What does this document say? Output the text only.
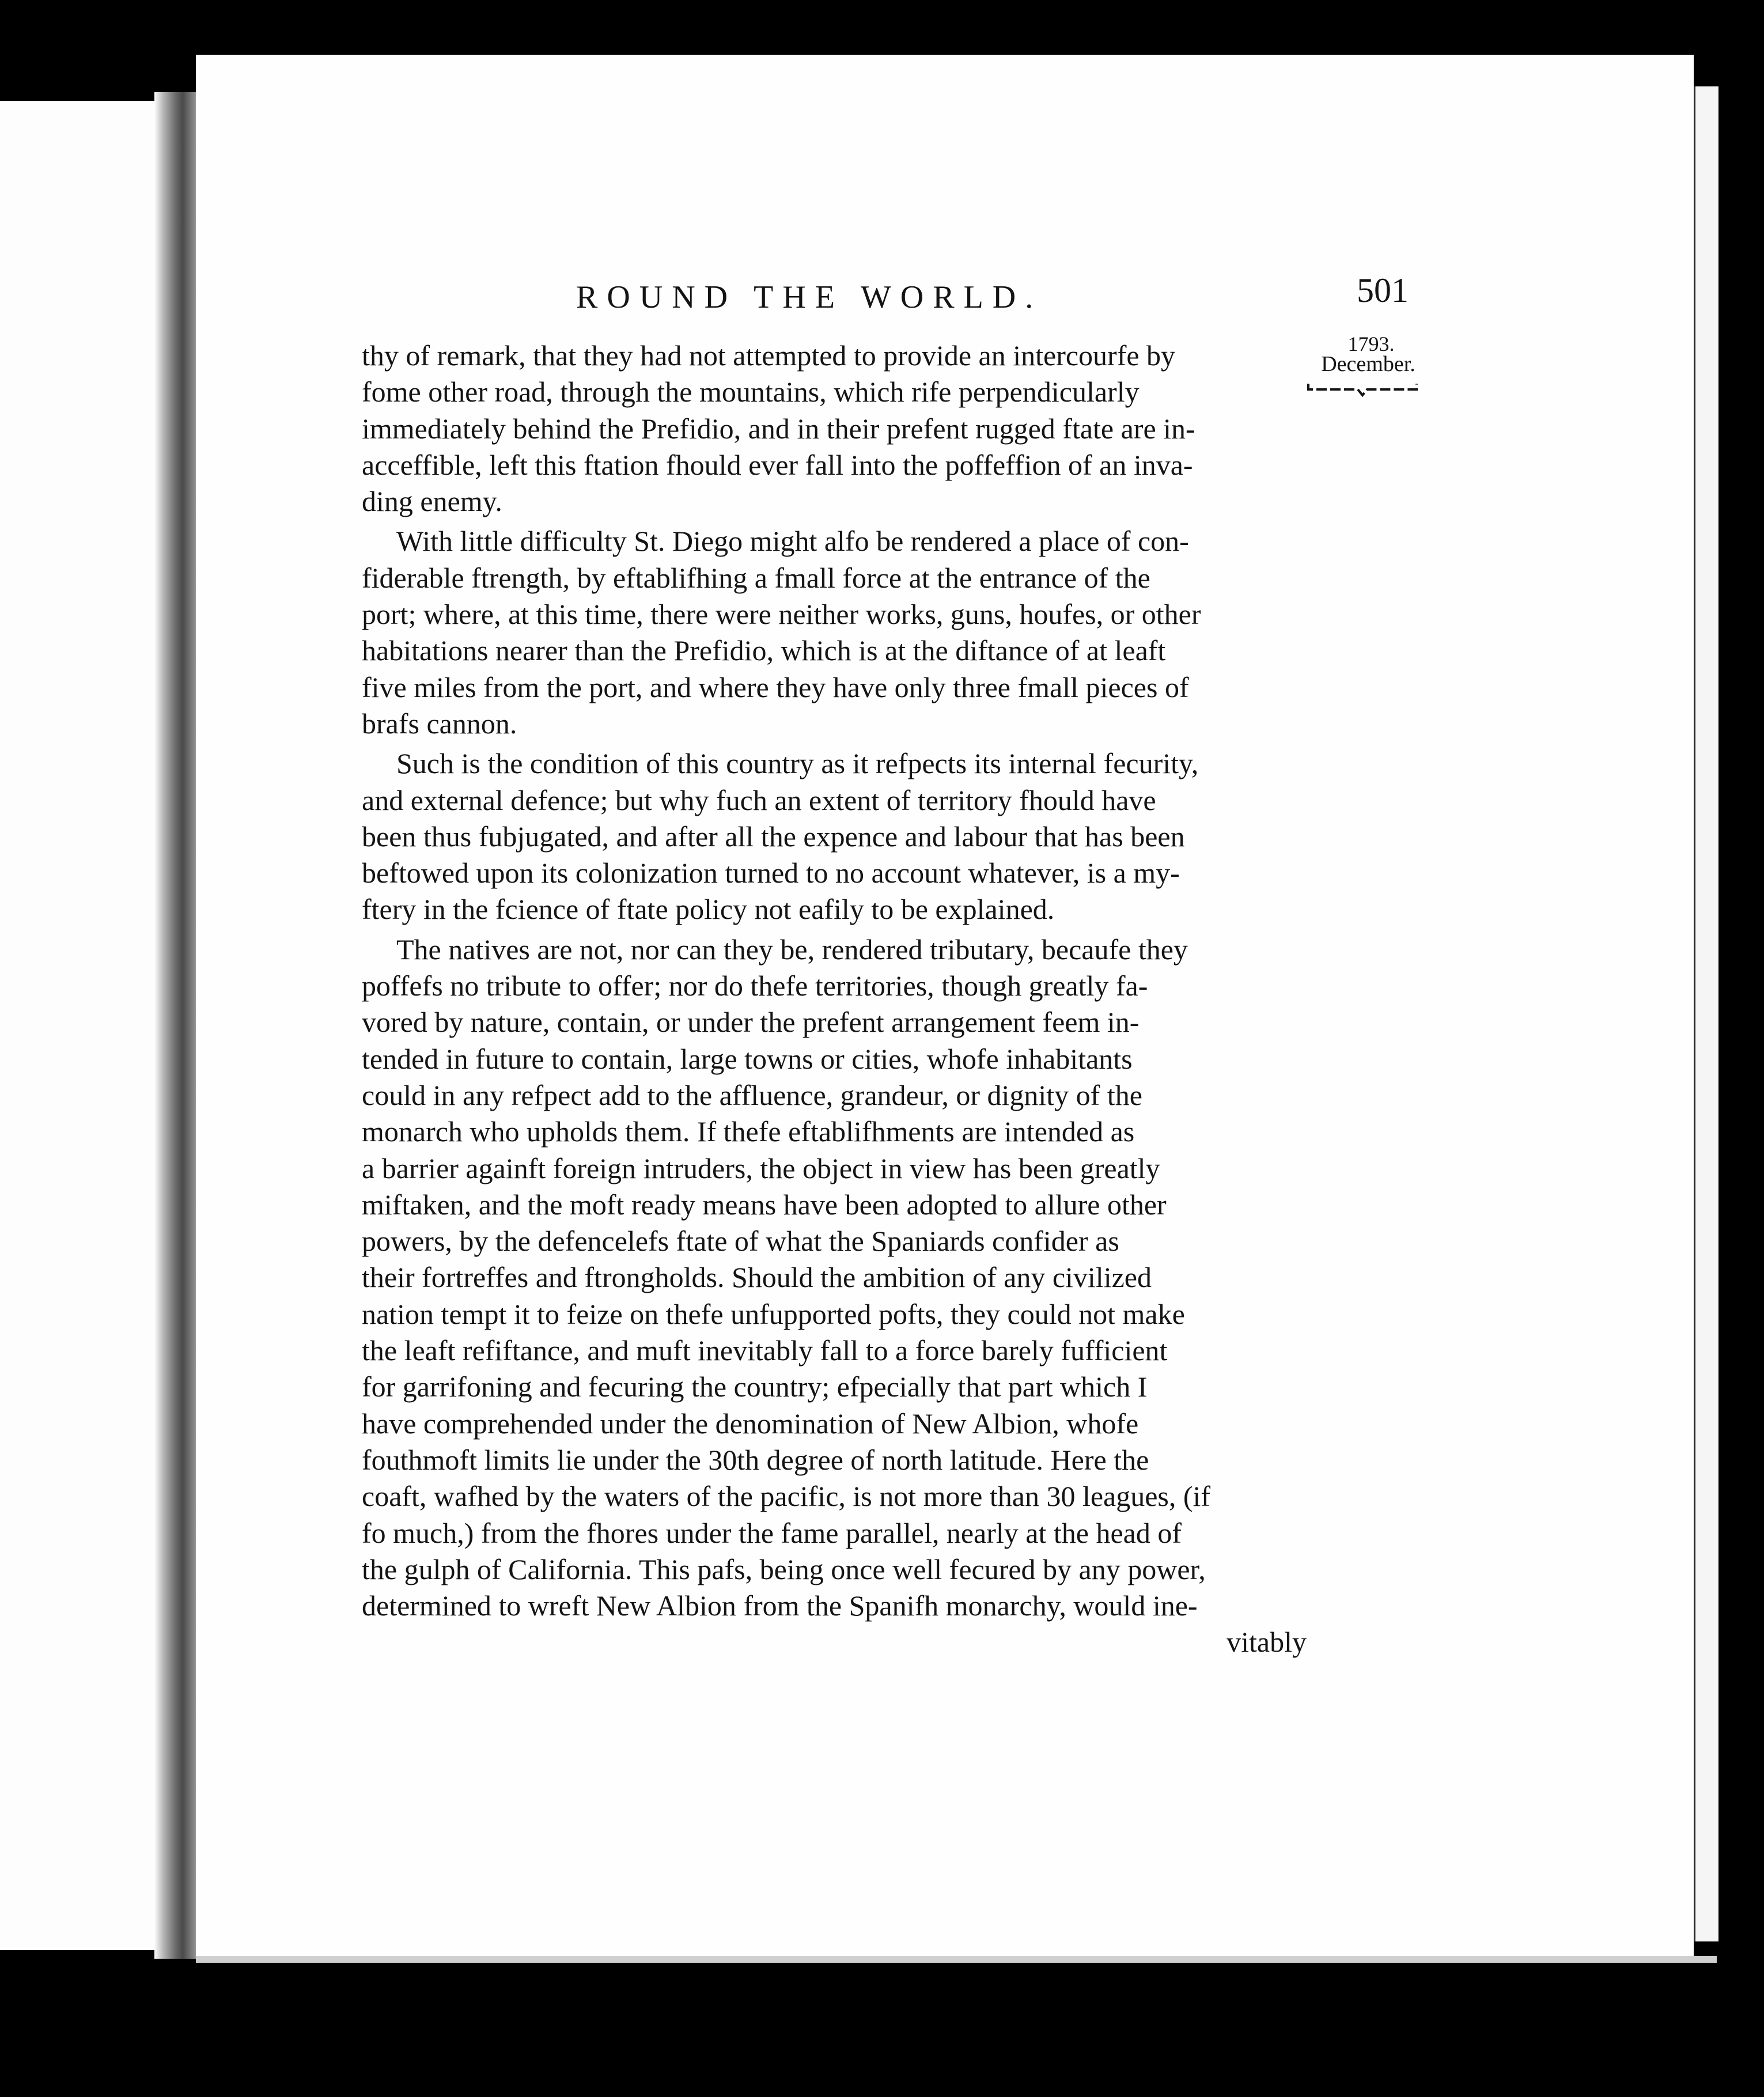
ROUND THE WORLD.	501
1793.
December.
thy of remark, that they had not attempted to provide an intercourfe by
fome other road, through the mountains, which rife perpendicularly
immediately behind the Prefidio, and in their prefent rugged ftate are in-
acceffible, left this ftation fhould ever fall into the poffeffion of an inva-
ding enemy.
With little difficulty St. Diego might alfo be rendered a place of con-
fiderable ftrength, by eftablifhing a fmall force at the entrance of the
port; where, at this time, there were neither works, guns, houfes, or other
habitations nearer than the Prefidio, which is at the diftance of at leaft
five miles from the port, and where they have only three fmall pieces of
brafs cannon.
Such is the condition of this country as it refpects its internal fecurity,
and external defence; but why fuch an extent of territory fhould have
been thus fubjugated, and after all the expence and labour that has been
beftowed upon its colonization turned to no account whatever, is a my-
ftery in the fcience of ftate policy not eafily to be explained.
The natives are not, nor can they be, rendered tributary, becaufe they
poffefs no tribute to offer; nor do thefe territories, though greatly fa-
vored by nature, contain, or under the prefent arrangement feem in-
tended in future to contain, large towns or cities, whofe inhabitants
could in any refpect add to the affluence, grandeur, or dignity of the
monarch who upholds them. If thefe eftablifhments are intended as
a barrier againft foreign intruders, the object in view has been greatly
miftaken, and the moft ready means have been adopted to allure other
powers, by the defencelefs ftate of what the Spaniards confider as
their fortreffes and ftrongholds. Should the ambition of any civilized
nation tempt it to feize on thefe unfupported pofts, they could not make
the leaft refiftance, and muft inevitably fall to a force barely fufficient
for garrifoning and fecuring the country; efpecially that part which I
have comprehended under the denomination of New Albion, whofe
fouthmoft limits lie under the 30th degree of north latitude. Here the
coaft, wafhed by the waters of the pacific, is not more than 30 leagues, (if
fo much,) from the fhores under the fame parallel, nearly at the head of
the gulph of California. This pafs, being once well fecured by any power,
determined to wreft New Albion from the Spanifh monarchy, would ine-
vitably
